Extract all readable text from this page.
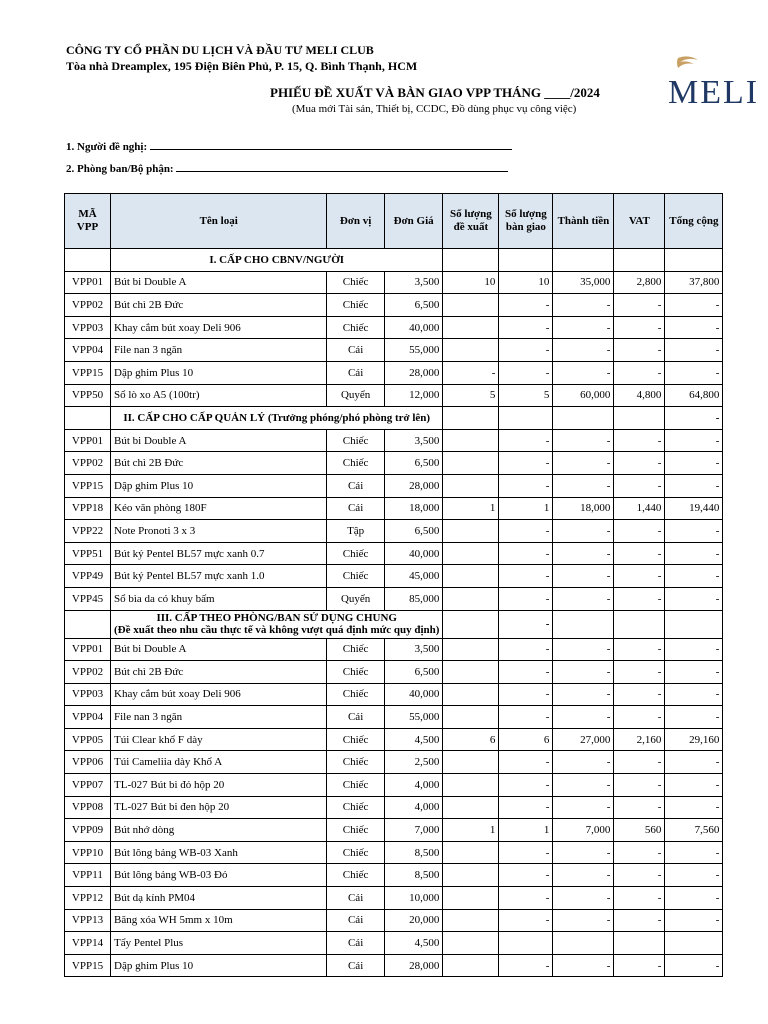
CÔNG TY CỔ PHẦN DU LỊCH VÀ ĐẦU TƯ MELI CLUB
Tòa nhà Dreamplex, 195 Điện Biên Phủ, P. 15, Q. Bình Thạnh, HCM
MELI
PHIẾU ĐỀ XUẤT VÀ BÀN GIAO VPP THÁNG ____/2024
(Mua mới Tài sản, Thiết bị, CCDC, Đồ dùng phục vụ công việc)
1. Người đề nghị:
2. Phòng ban/Bộ phận:
MÃ VPP	Tên loại	Đơn vị	Đơn Giá	Số lượng đề xuất	Số lượng bàn giao	Thành tiền	VAT	Tổng cộng

	I. CẤP CHO CBNV/NGƯỜI							

VPP01	Bút bi Double A	Chiếc	3,500	10	10	35,000	2,800	37,800
VPP02	Bút chì 2B Đức	Chiếc	6,500		-	-	-	-
VPP03	Khay cắm bút xoay Deli 906	Chiếc	40,000		-	-	-	-
VPP04	File nan 3 ngăn	Cái	55,000		-	-	-	-
VPP15	Dập ghim Plus 10	Cái	28,000	-	-	-	-	-
VPP50	Sổ lò xo A5 (100tr)	Quyển	12,000	5	5	60,000	4,800	64,800

	II. CẤP CHO CẤP QUẢN LÝ (Trưởng phóng/phó phòng trở lên)							-
VPP01	Bút bi Double A	Chiếc	3,500		-	-	-	-
VPP02	Bút chì 2B Đức	Chiếc	6,500		-	-	-	-
VPP15	Dập ghim Plus 10	Cái	28,000		-	-	-	-
VPP18	Kéo văn phòng 180F	Cái	18,000	1	1	18,000	1,440	19,440
VPP22	Note Pronoti 3 x 3	Tập	6,500		-	-	-	-
VPP51	Bút ký Pentel BL57 mực xanh 0.7	Chiếc	40,000		-	-	-	-
VPP49	Bút ký Pentel BL57 mực xanh 1.0	Chiếc	45,000		-	-	-	-
VPP45	Sổ bìa da có khuy bấm	Quyển	85,000		-	-	-	-

	III. CẤP THEO PHÒNG/BAN SỬ DỤNG CHUNG
(Đề xuất theo nhu cầu thực tế và không vượt quá định mức quy định)				-			
VPP01	Bút bi Double A	Chiếc	3,500		-	-	-	-
VPP02	Bút chì 2B Đức	Chiếc	6,500		-	-	-	-
VPP03	Khay cắm bút xoay Deli 906	Chiếc	40,000		-	-	-	-
VPP04	File nan 3 ngăn	Cái	55,000		-	-	-	-
VPP05	Túi Clear khổ F dày	Chiếc	4,500	6	6	27,000	2,160	29,160
VPP06	Túi Cameliia dày Khổ A	Chiếc	2,500		-	-	-	-
VPP07	TL-027 Bút bi đỏ hộp 20	Chiếc	4,000		-	-	-	-
VPP08	TL-027 Bút bi đen hộp 20	Chiếc	4,000		-	-	-	-
VPP09	Bút nhớ dòng	Chiếc	7,000	1	1	7,000	560	7,560
VPP10	Bút lông bảng WB-03 Xanh	Chiếc	8,500		-	-	-	-
VPP11	Bút lông bảng WB-03 Đỏ	Chiếc	8,500		-	-	-	-
VPP12	Bút dạ kính PM04	Cái	10,000		-	-	-	-
VPP13	Băng xóa WH 5mm x 10m	Cái	20,000		-	-	-	-
VPP14	Tẩy Pentel Plus	Cái	4,500					
VPP15	Dập ghim Plus 10	Cái	28,000		-	-	-	-
